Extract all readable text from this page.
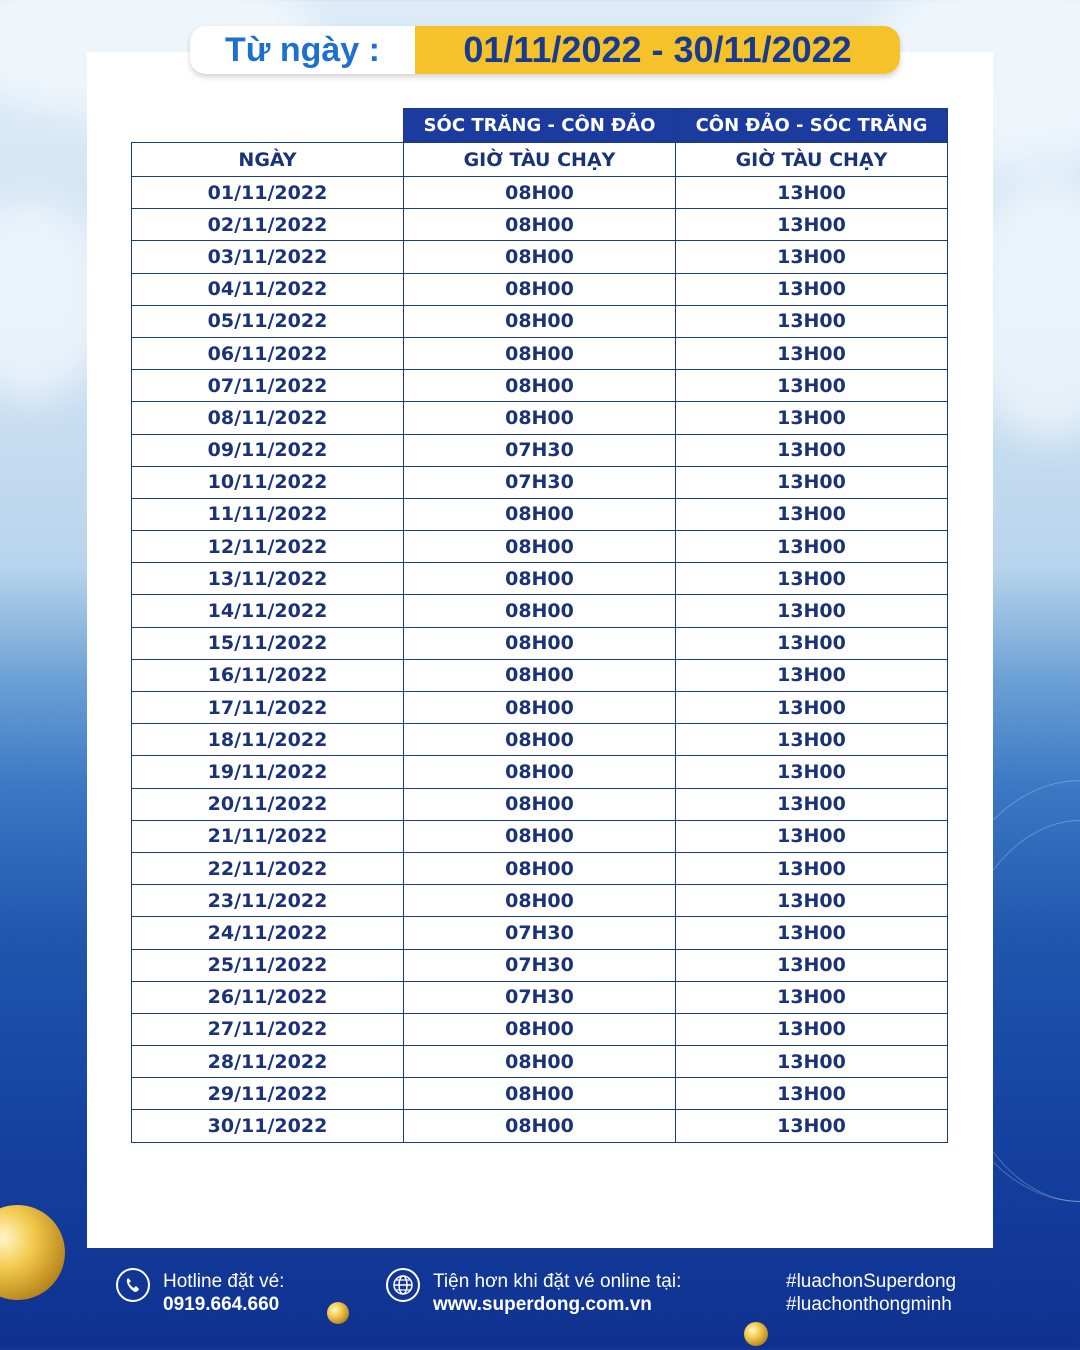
Từ ngày :	01/11/2022 - 30/11/2022
	SÓC TRĂNG - CÔN ĐẢO	CÔN ĐẢO - SÓC TRĂNG
NGÀY	GIỜ TÀU CHẠY	GIỜ TÀU CHẠY
01/11/2022	08H00	13H00
02/11/2022	08H00	13H00
03/11/2022	08H00	13H00
04/11/2022	08H00	13H00
05/11/2022	08H00	13H00
06/11/2022	08H00	13H00
07/11/2022	08H00	13H00
08/11/2022	08H00	13H00
09/11/2022	07H30	13H00
10/11/2022	07H30	13H00
11/11/2022	08H00	13H00
12/11/2022	08H00	13H00
13/11/2022	08H00	13H00
14/11/2022	08H00	13H00
15/11/2022	08H00	13H00
16/11/2022	08H00	13H00
17/11/2022	08H00	13H00
18/11/2022	08H00	13H00
19/11/2022	08H00	13H00
20/11/2022	08H00	13H00
21/11/2022	08H00	13H00
22/11/2022	08H00	13H00
23/11/2022	08H00	13H00
24/11/2022	07H30	13H00
25/11/2022	07H30	13H00
26/11/2022	07H30	13H00
27/11/2022	08H00	13H00
28/11/2022	08H00	13H00
29/11/2022	08H00	13H00
30/11/2022	08H00	13H00
Hotline đặt vé:
0919.664.660
Tiện hơn khi đặt vé online tại:
www.superdong.com.vn
#luachonSuperdong
#luachonthongminh
